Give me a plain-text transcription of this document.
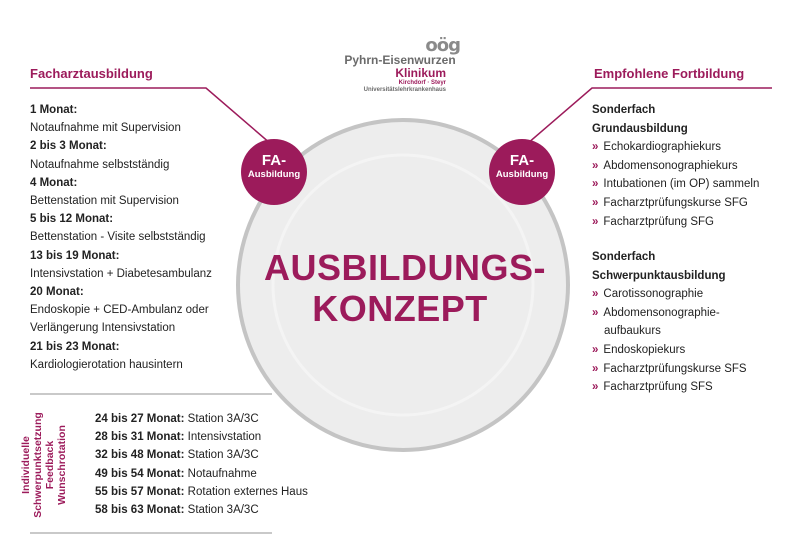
oög
Pyhrn-Eisenwurzen
Klinikum
Kirchdorf · Steyr
Universitätslehrkrankenhaus
Facharztausbildung
1 Monat:
Notaufnahme mit Supervision
2 bis 3 Monat:
Notaufnahme selbstständig
4 Monat:
Bettenstation mit Supervision
5 bis 12 Monat:
Bettenstation - Visite selbstständig
13 bis 19 Monat:
Intensivstation + Diabetesambulanz
20 Monat:
Endoskopie + CED-Ambulanz oder
Verlängerung Intensivstation
21 bis 23 Monat:
Kardiologierotation hausintern
Individuelle Schwerpunktsetzung Feedback Wunschrotation
24 bis 27 Monat: Station 3A/3C
28 bis 31 Monat: Intensivstation
32 bis 48 Monat: Station 3A/3C
49 bis 54 Monat: Notaufnahme
55 bis 57 Monat: Rotation externes Haus
58 bis 63 Monat: Station 3A/3C
AUSBILDUNGS-
KONZEPT
FA-
Ausbildung
FA-
Ausbildung
Empfohlene Fortbildung
Sonderfach
Grundausbildung
» Echokardiographiekurs
» Abdomensonographiekurs
» Intubationen (im OP) sammeln
» Facharztprüfungskurse SFG
» Facharztprüfung SFG
Sonderfach
Schwerpunktausbildung
» Carotissonographie
» Abdomensonographie-
aufbaukurs
» Endoskopiekurs
» Facharztprüfungskurse SFS
» Facharztprüfung SFS
